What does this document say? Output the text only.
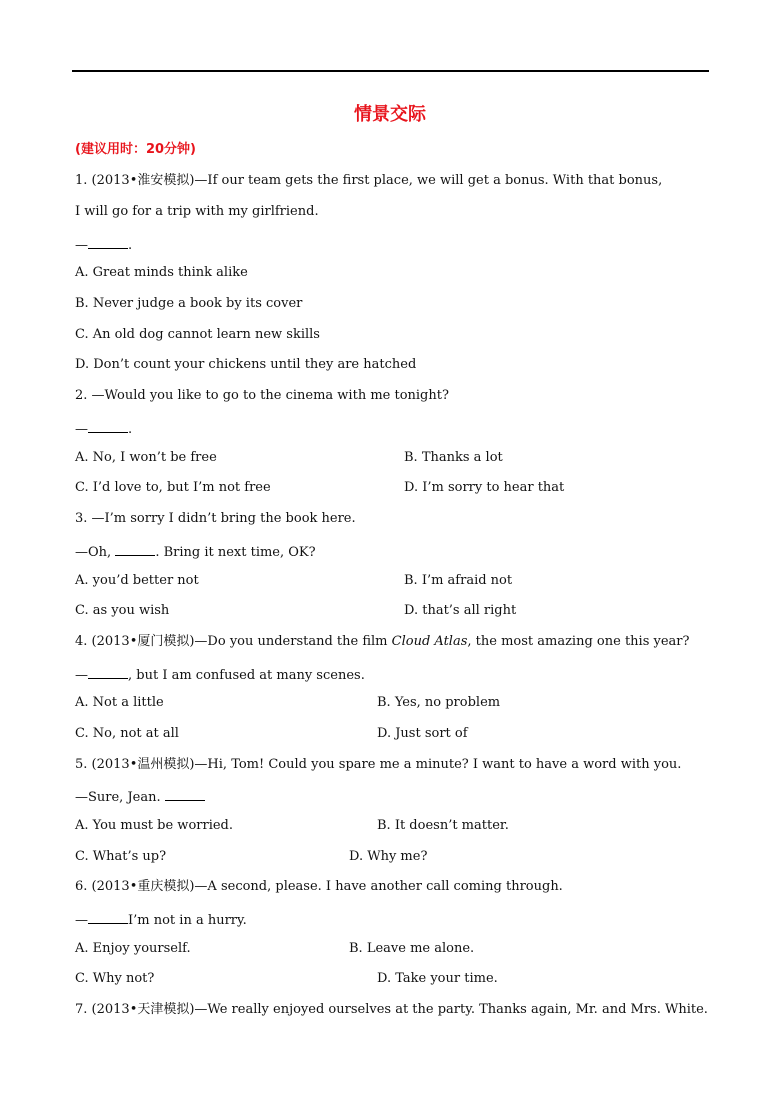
情景交际
(建议用时：20分钟)
1. (2013•淮安模拟)—If our team gets the first place, we will get a bonus. With that bonus,
I will go for a trip with my girlfriend.
—	.
A. Great minds think alike
B. Never judge a book by its cover
C. An old dog cannot learn new skills
D. Don’t count your chickens until they are hatched
2. —Would you like to go to the cinema with me tonight?
—	.
A. No, I won’t be free	B. Thanks a lot
C. I’d love to, but I’m not free	D. I’m sorry to hear that
3. —I’m sorry I didn’t bring the book here.
—Oh,	. Bring it next time, OK?
A. you’d better not	B. I’m afraid not
C. as you wish	D. that’s all right
4. (2013•厦门模拟)—Do you understand the film Cloud Atlas, the most amazing one this year?
—	, but I am confused at many scenes.
A. Not a little	B. Yes, no problem
C. No, not at all	D. Just sort of
5. (2013•温州模拟)—Hi, Tom! Could you spare me a minute? I want to have a word with you.
—Sure, Jean.
A. You must be worried.	B. It doesn’t matter.
C. What’s up?	D. Why me?
6. (2013•重庆模拟)—A second, please. I have another call coming through.
—	I’m not in a hurry.
A. Enjoy yourself.	B. Leave me alone.
C. Why not?	D. Take your time.
7. (2013•天津模拟)—We really enjoyed ourselves at the party. Thanks again, Mr. and Mrs. White.
